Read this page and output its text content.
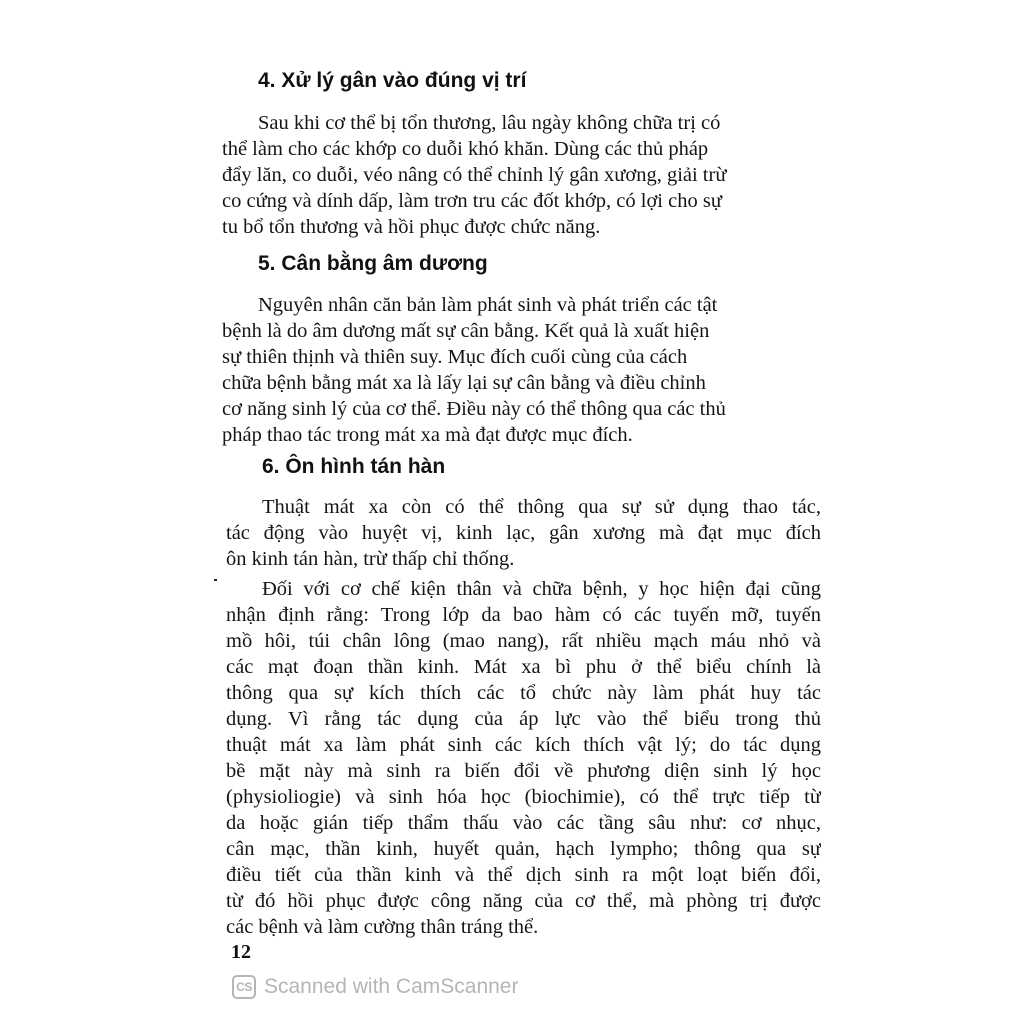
4. Xử lý gân vào đúng vị trí
Sau khi cơ thể bị tổn thương, lâu ngày không chữa trị có
thể làm cho các khớp co duỗi khó khăn. Dùng các thủ pháp
đẩy lăn, co duỗi, véo nâng có thể chỉnh lý gân xương, giải trừ
co cứng và dính dấp, làm trơn tru các đốt khớp, có lợi cho sự
tu bổ tổn thương và hồi phục được chức năng.
5. Cân bằng âm dương
Nguyên nhân căn bản làm phát sinh và phát triển các tật
bệnh là do âm dương mất sự cân bằng. Kết quả là xuất hiện
sự thiên thịnh và thiên suy. Mục đích cuối cùng của cách
chữa bệnh bằng mát xa là lấy lại sự cân bằng và điều chỉnh
cơ năng sinh lý của cơ thể. Điều này có thể thông qua các thủ
pháp thao tác trong mát xa mà đạt được mục đích.
6. Ôn hình tán hàn
Thuật mát xa còn có thể thông qua sự sử dụng thao tác,
tác động vào huyệt vị, kinh lạc, gân xương mà đạt mục đích
ôn kinh tán hàn, trừ thấp chỉ thống.
Đối với cơ chế kiện thân và chữa bệnh, y học hiện đại cũng
nhận định rằng: Trong lớp da bao hàm có các tuyến mỡ, tuyến
mồ hôi, túi chân lông (mao nang), rất nhiều mạch máu nhỏ và
các mạt đoạn thần kinh. Mát xa bì phu ở thể biểu chính là
thông qua sự kích thích các tổ chức này làm phát huy tác
dụng. Vì rằng tác dụng của áp lực vào thể biểu trong thủ
thuật mát xa làm phát sinh các kích thích vật lý; do tác dụng
bề mặt này mà sinh ra biến đổi về phương diện sinh lý học
(physioliogie) và sinh hóa học (biochimie), có thể trực tiếp từ
da hoặc gián tiếp thẩm thấu vào các tầng sâu như: cơ nhục,
cân mạc, thần kinh, huyết quản, hạch lympho; thông qua sự
điều tiết của thần kinh và thể dịch sinh ra một loạt biến đổi,
từ đó hồi phục được công năng của cơ thể, mà phòng trị được
các bệnh và làm cường thân tráng thể.
12
CS Scanned with CamScanner
